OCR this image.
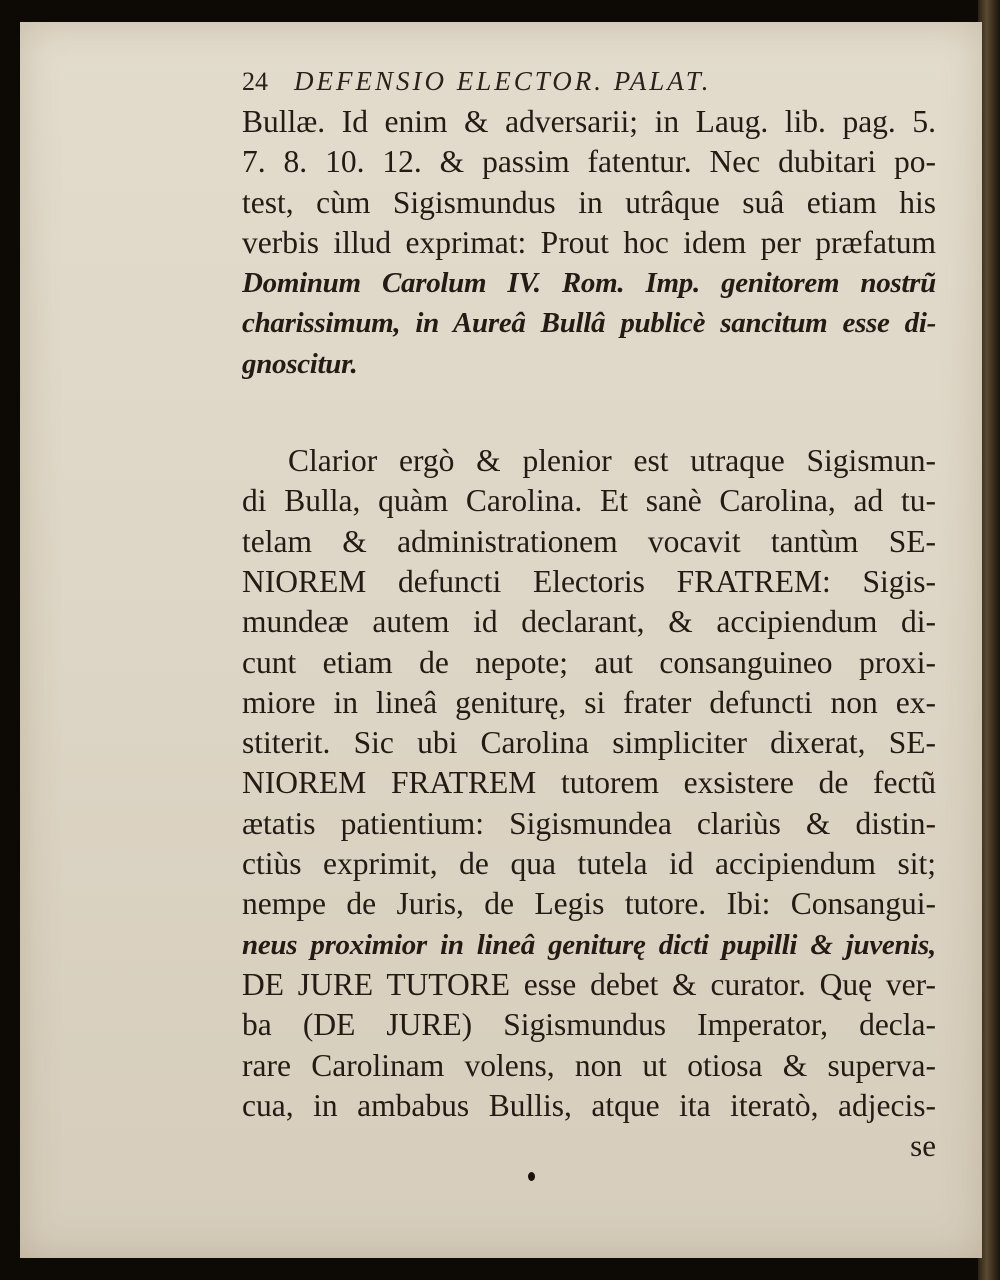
24 DEFENSIO ELECTOR. PALAT.
Bullæ. Id enim & adversarii; in Laug. lib. pag. 5.
7. 8. 10. 12. & passim fatentur. Nec dubitari po-
test, cùm Sigismundus in utrâque suâ etiam his
verbis illud exprimat: Prout hoc idem per præfatum
Dominum Carolum IV. Rom. Imp. genitorem nostrũ
charissimum, in Aureâ Bullâ publicè sancitum esse di-
gnoscitur.
Clarior ergò & plenior est utraque Sigismun-
di Bulla, quàm Carolina. Et sanè Carolina, ad tu-
telam & administrationem vocavit tantùm SE-
NIOREM defuncti Electoris FRATREM: Sigis-
mundeæ autem id declarant, & accipiendum di-
cunt etiam de nepote; aut consanguineo proxi-
miore in lineâ geniturę, si frater defuncti non ex-
stiterit. Sic ubi Carolina simpliciter dixerat, SE-
NIOREM FRATREM tutorem exsistere de fectũ
ætatis patientium: Sigismundea clariùs & distin-
ctiùs exprimit, de qua tutela id accipiendum sit;
nempe de Juris, de Legis tutore. Ibi: Consangui-
neus proximior in lineâ geniturę dicti pupilli & juvenis,
DE JURE TUTORE esse debet & curator. Quę ver-
ba (DE JURE) Sigismundus Imperator, decla-
rare Carolinam volens, non ut otiosa & superva-
cua, in ambabus Bullis, atque ita iteratò, adjecis-
se
